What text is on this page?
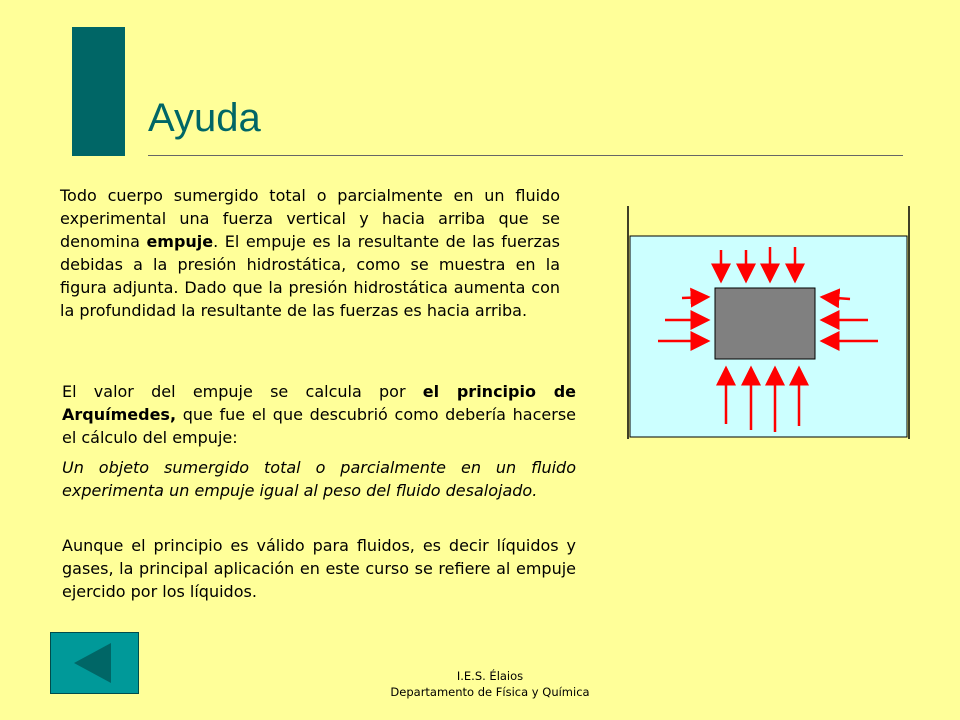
Ayuda

Todo cuerpo sumergido total o parcialmente en un fluido experimental una fuerza vertical y hacia arriba que se denomina empuje. El empuje es la resultante de las fuerzas debidas a la presión hidrostática, como se muestra en la figura adjunta. Dado que la presión hidrostática aumenta con la profundidad la resultante de las fuerzas es hacia arriba.

El valor del empuje se calcula por el principio de Arquímedes, que fue el que descubrió como debería hacerse el cálculo del empuje:

Un objeto sumergido total o parcialmente en un fluido experimenta un empuje igual al peso del fluido desalojado.

Aunque el principio es válido para fluidos, es decir líquidos y gases, la principal aplicación en este curso se refiere al empuje ejercido por los líquidos.

I.E.S. Élaios
Departamento de Física y Química
